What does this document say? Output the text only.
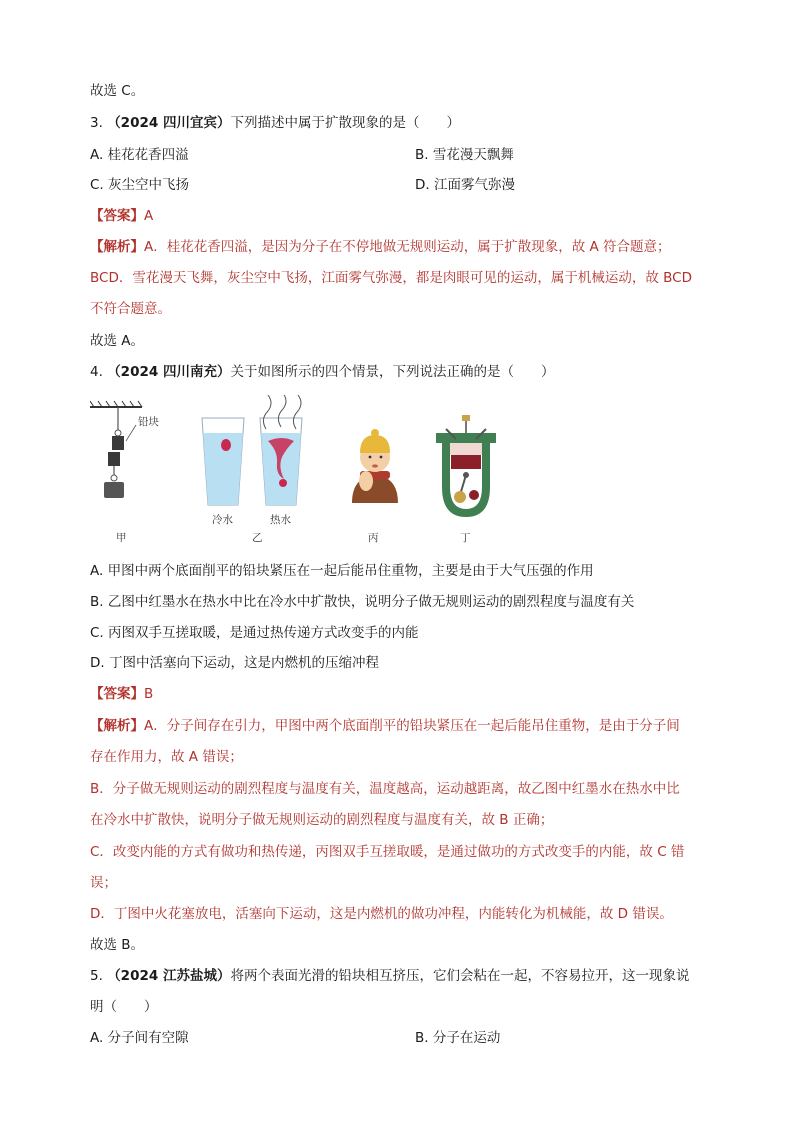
故选 C。
3. （2024 四川宜宾）下列描述中属于扩散现象的是（　　）
A. 桂花花香四溢	B. 雪花漫天飘舞
C. 灰尘空中飞扬	D. 江面雾气弥漫
【答案】A
【解析】A．桂花花香四溢，是因为分子在不停地做无规则运动，属于扩散现象，故 A 符合题意；
BCD．雪花漫天飞舞，灰尘空中飞扬，江面雾气弥漫，都是肉眼可见的运动，属于机械运动，故 BCD
不符合题意。
故选 A。
4. （2024 四川南充）关于如图所示的四个情景，下列说法正确的是（　　）
铅块
甲
冷水	热水
乙	丙	丁
A. 甲图中两个底面削平的铅块紧压在一起后能吊住重物，主要是由于大气压强的作用
B. 乙图中红墨水在热水中比在冷水中扩散快，说明分子做无规则运动的剧烈程度与温度有关
C. 丙图双手互搓取暖，是通过热传递方式改变手的内能
D. 丁图中活塞向下运动，这是内燃机的压缩冲程
【答案】B
【解析】A．分子间存在引力，甲图中两个底面削平的铅块紧压在一起后能吊住重物，是由于分子间
存在作用力，故 A 错误；
B．分子做无规则运动的剧烈程度与温度有关，温度越高，运动越距离，故乙图中红墨水在热水中比
在冷水中扩散快，说明分子做无规则运动的剧烈程度与温度有关，故 B 正确；
C．改变内能的方式有做功和热传递，丙图双手互搓取暖，是通过做功的方式改变手的内能，故 C 错
误；
D．丁图中火花塞放电，活塞向下运动，这是内燃机的做功冲程，内能转化为机械能，故 D 错误。
故选 B。
5. （2024 江苏盐城）将两个表面光滑的铅块相互挤压，它们会粘在一起，不容易拉开，这一现象说
明（　　）
A. 分子间有空隙	B. 分子在运动
